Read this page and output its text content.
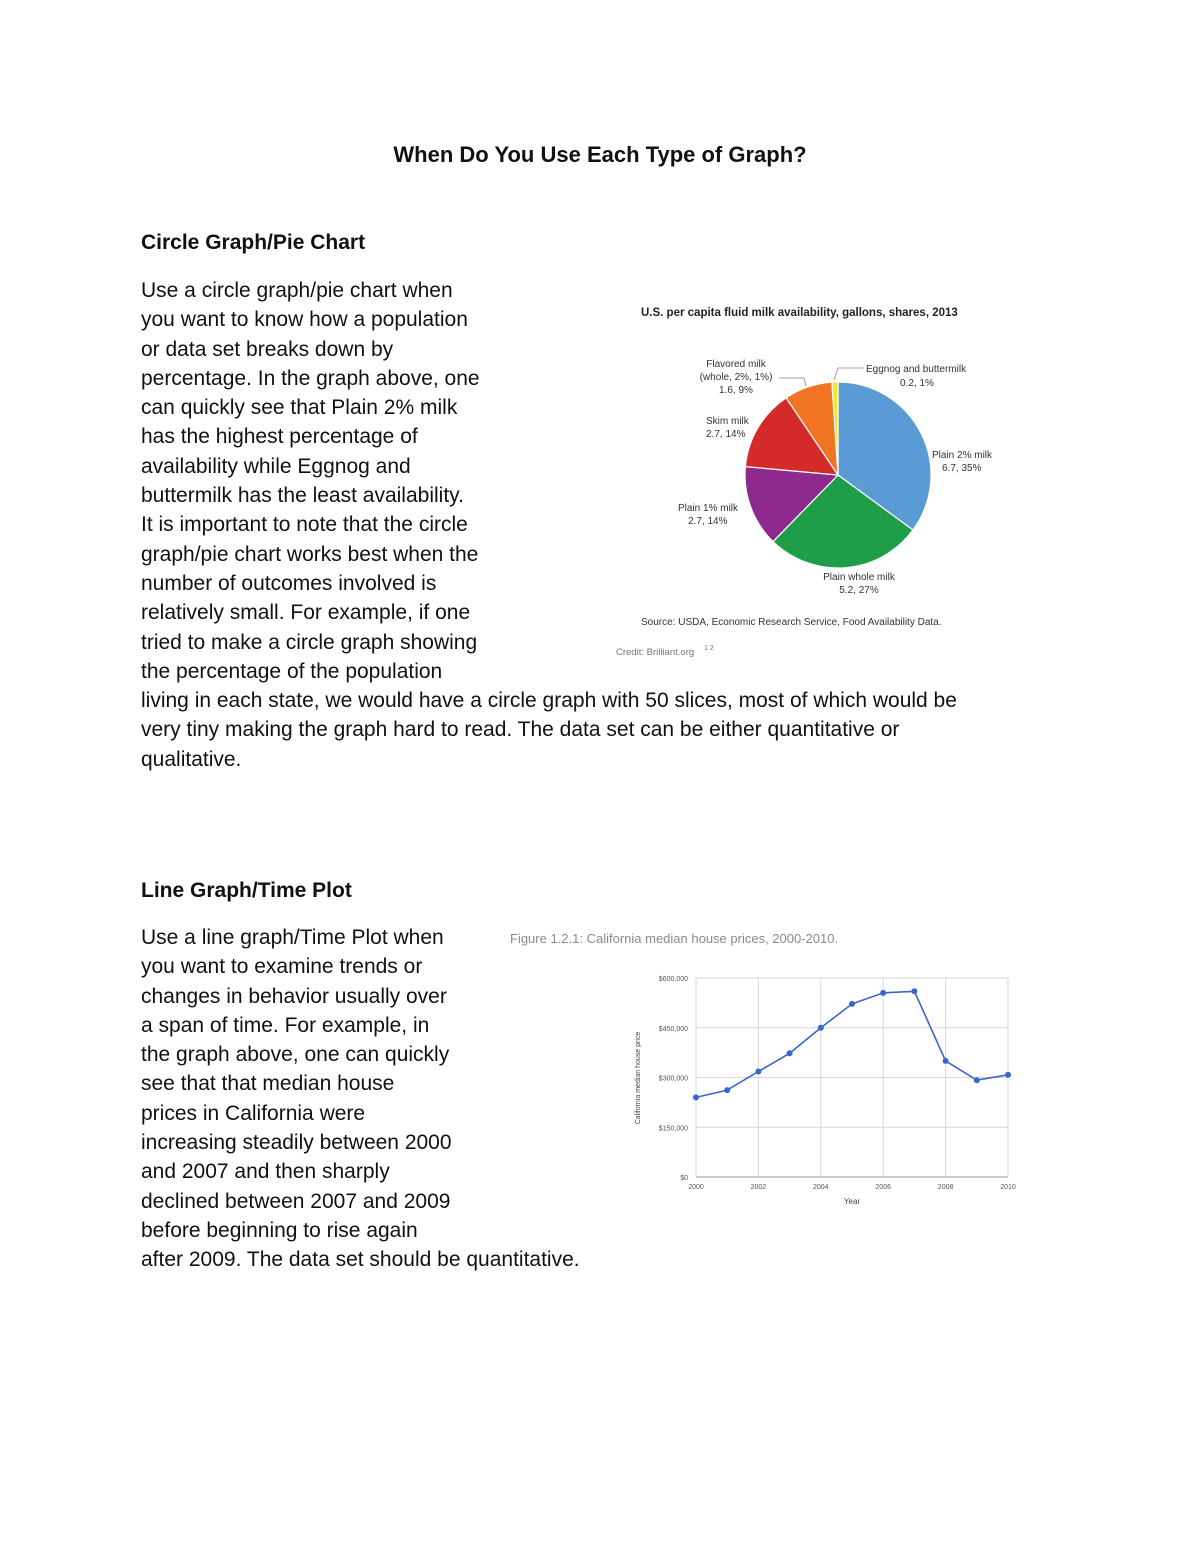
When Do You Use Each Type of Graph?
Circle Graph/Pie Chart
Use a circle graph/pie chart when
you want to know how a population
or data set breaks down by
percentage. In the graph above, one
can quickly see that Plain 2% milk
has the highest percentage of
availability while Eggnog and
buttermilk has the least availability.
It is important to note that the circle
graph/pie chart works best when the
number of outcomes involved is
relatively small. For example, if one
tried to make a circle graph showing
the percentage of the population
living in each state, we would have a circle graph with 50 slices, most of which would be
very tiny making the graph hard to read. The data set can be either quantitative or
qualitative.
U.S. per capita fluid milk availability, gallons, shares, 2013
Eggnog and buttermilk
0.2, 1%
Flavored milk
(whole, 2%, 1%)
1.6, 9%
Skim milk
2.7, 14%
Plain 2% milk
6.7, 35%
Plain 1% milk
2.7, 14%
Plain whole milk
5.2, 27%
Source: USDA, Economic Research Service, Food Availability Data.
Credit: Brilliant.org 1 2
Line Graph/Time Plot
Use a line graph/Time Plot when
you want to examine trends or
changes in behavior usually over
a span of time. For example, in
the graph above, one can quickly
see that that median house
prices in California were
increasing steadily between 2000
and 2007 and then sharply
declined between 2007 and 2009
before beginning to rise again
after 2009. The data set should be quantitative.
Figure 1.2.1: California median house prices, 2000-2010.
$0
$150,000
$300,000
$450,000
$600,000
2000	2002	2004	2006	2008	2010
Year
California median house price
